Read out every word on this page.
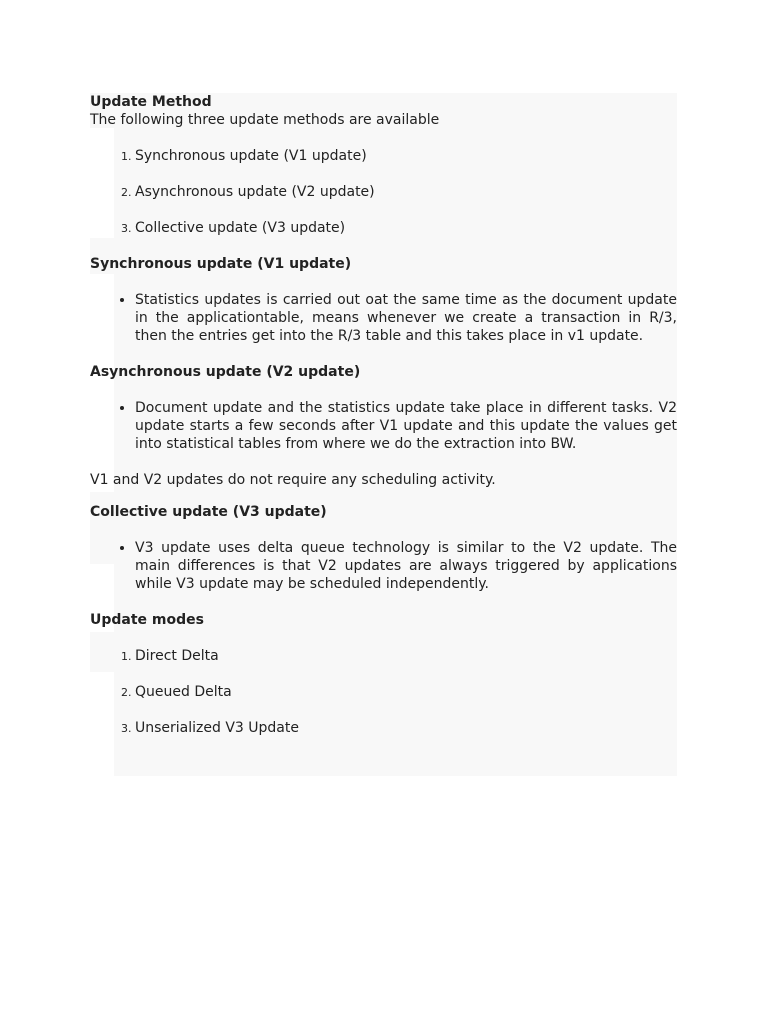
Update Method

The following three update methods are available

1. Synchronous update (V1 update)
2. Asynchronous update (V2 update)
3. Collective update (V3 update)
Synchronous update (V1 update)
• Statistics updates is carried out oat the same time as the document update in the applicationtable, means whenever we create a transaction in R/3, then the entries get into the R/3 table and this takes place in v1 update.
Asynchronous update (V2 update)
• Document update and the statistics update take place in different tasks. V2 update starts a few seconds after V1 update and this update the values get into statistical tables from where we do the extraction into BW.

V1 and V2 updates do not require any scheduling activity.

Collective update (V3 update)
• V3 update uses delta queue technology is similar to the V2 update. The main differences is that V2 updates are always triggered by applications while V3 update may be scheduled independently.
Update modes
1. Direct Delta
2. Queued Delta
3. Unserialized V3 Update
